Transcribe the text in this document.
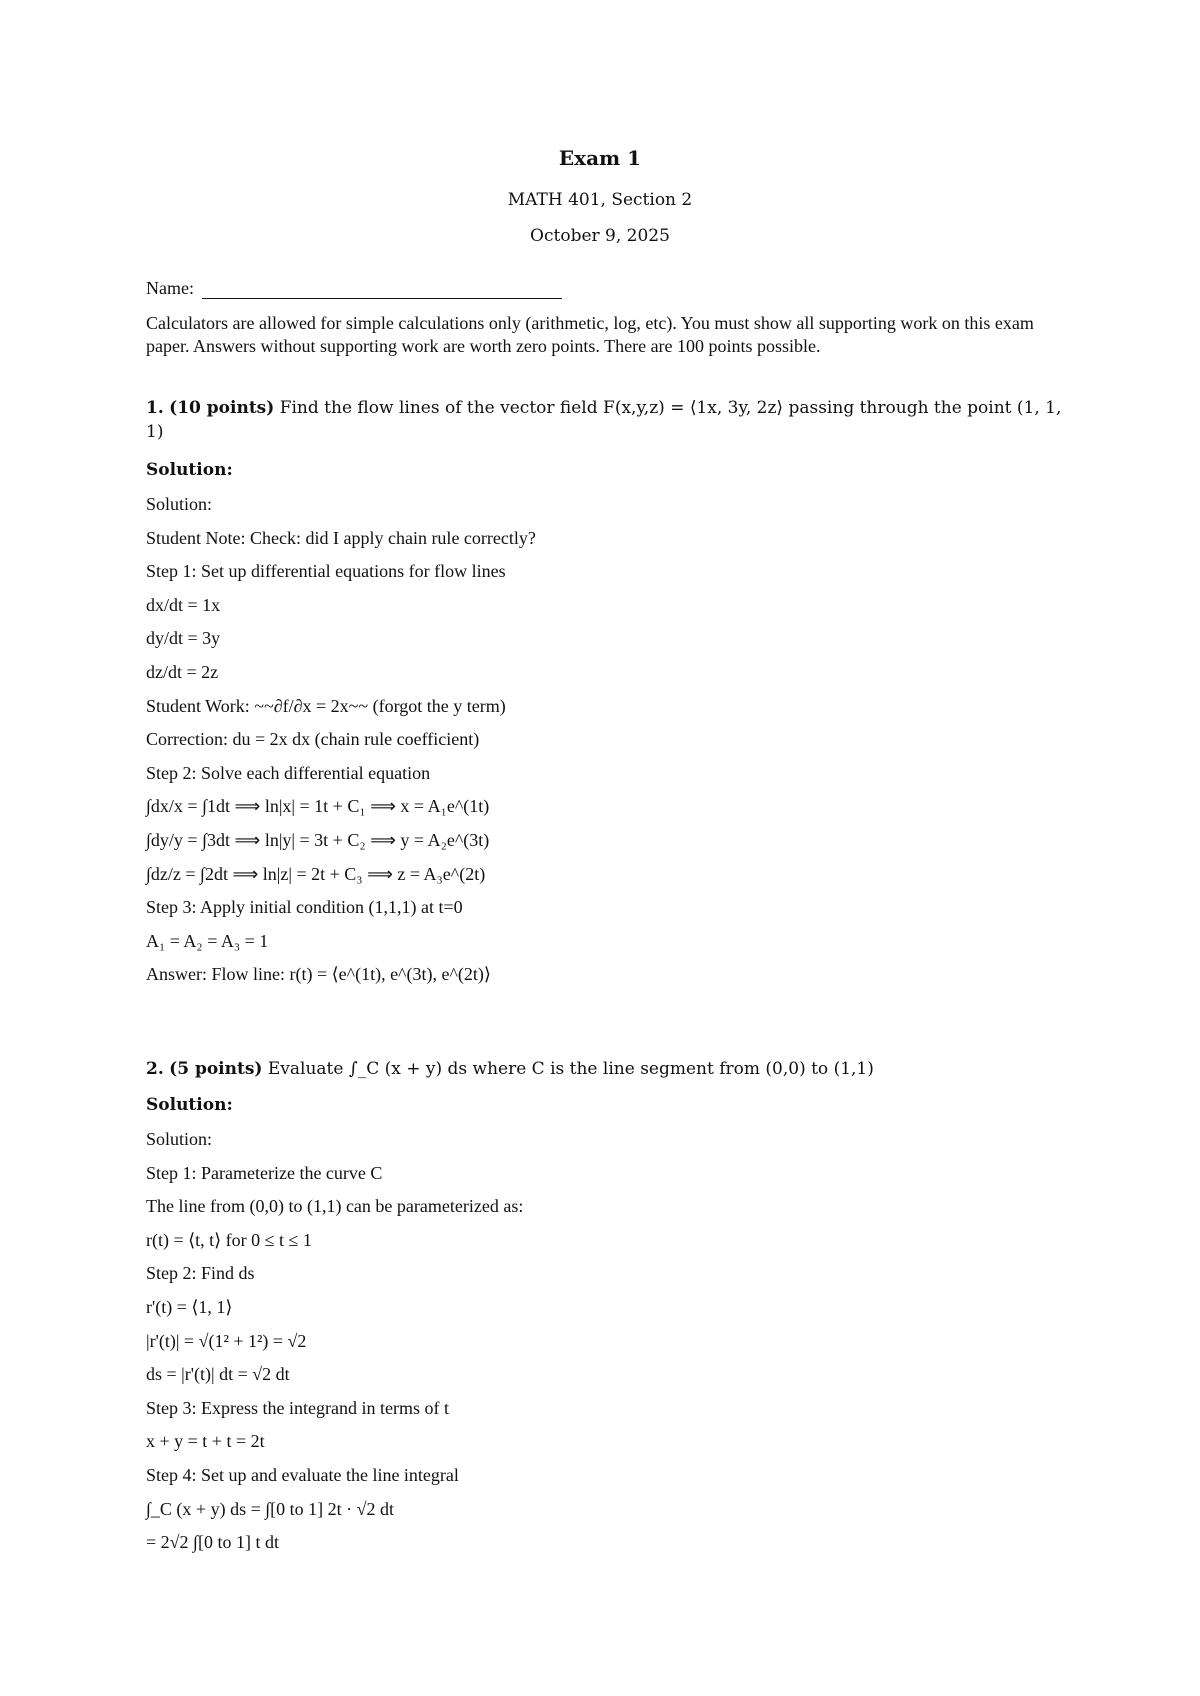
Exam 1
MATH 401, Section 2
October 9, 2025
Name:
Calculators are allowed for simple calculations only (arithmetic, log, etc). You must show all supporting work on this exam paper. Answers without supporting work are worth zero points. There are 100 points possible.
1. (10 points) Find the flow lines of the vector field F(x,y,z) = ⟨1x, 3y, 2z⟩ passing through the point (1, 1, 1)
Solution:
Solution:
Student Note: Check: did I apply chain rule correctly?
Step 1: Set up differential equations for flow lines
dx/dt = 1x
dy/dt = 3y
dz/dt = 2z
Student Work: ~~∂f/∂x = 2x~~ (forgot the y term)
Correction: du = 2x dx (chain rule coefficient)
Step 2: Solve each differential equation
∫dx/x = ∫1dt ⟹ ln|x| = 1t + C₁ ⟹ x = A₁e^(1t)
∫dy/y = ∫3dt ⟹ ln|y| = 3t + C₂ ⟹ y = A₂e^(3t)
∫dz/z = ∫2dt ⟹ ln|z| = 2t + C₃ ⟹ z = A₃e^(2t)
Step 3: Apply initial condition (1,1,1) at t=0
A₁ = A₂ = A₃ = 1
Answer: Flow line: r(t) = ⟨e^(1t), e^(3t), e^(2t)⟩
2. (5 points) Evaluate ∫_C (x + y) ds where C is the line segment from (0,0) to (1,1)
Solution:
Solution:
Step 1: Parameterize the curve C
The line from (0,0) to (1,1) can be parameterized as:
r(t) = ⟨t, t⟩ for 0 ≤ t ≤ 1
Step 2: Find ds
r'(t) = ⟨1, 1⟩
|r'(t)| = √(1² + 1²) = √2
ds = |r'(t)| dt = √2 dt
Step 3: Express the integrand in terms of t
x + y = t + t = 2t
Step 4: Set up and evaluate the line integral
∫_C (x + y) ds = ∫[0 to 1] 2t · √2 dt
= 2√2 ∫[0 to 1] t dt
